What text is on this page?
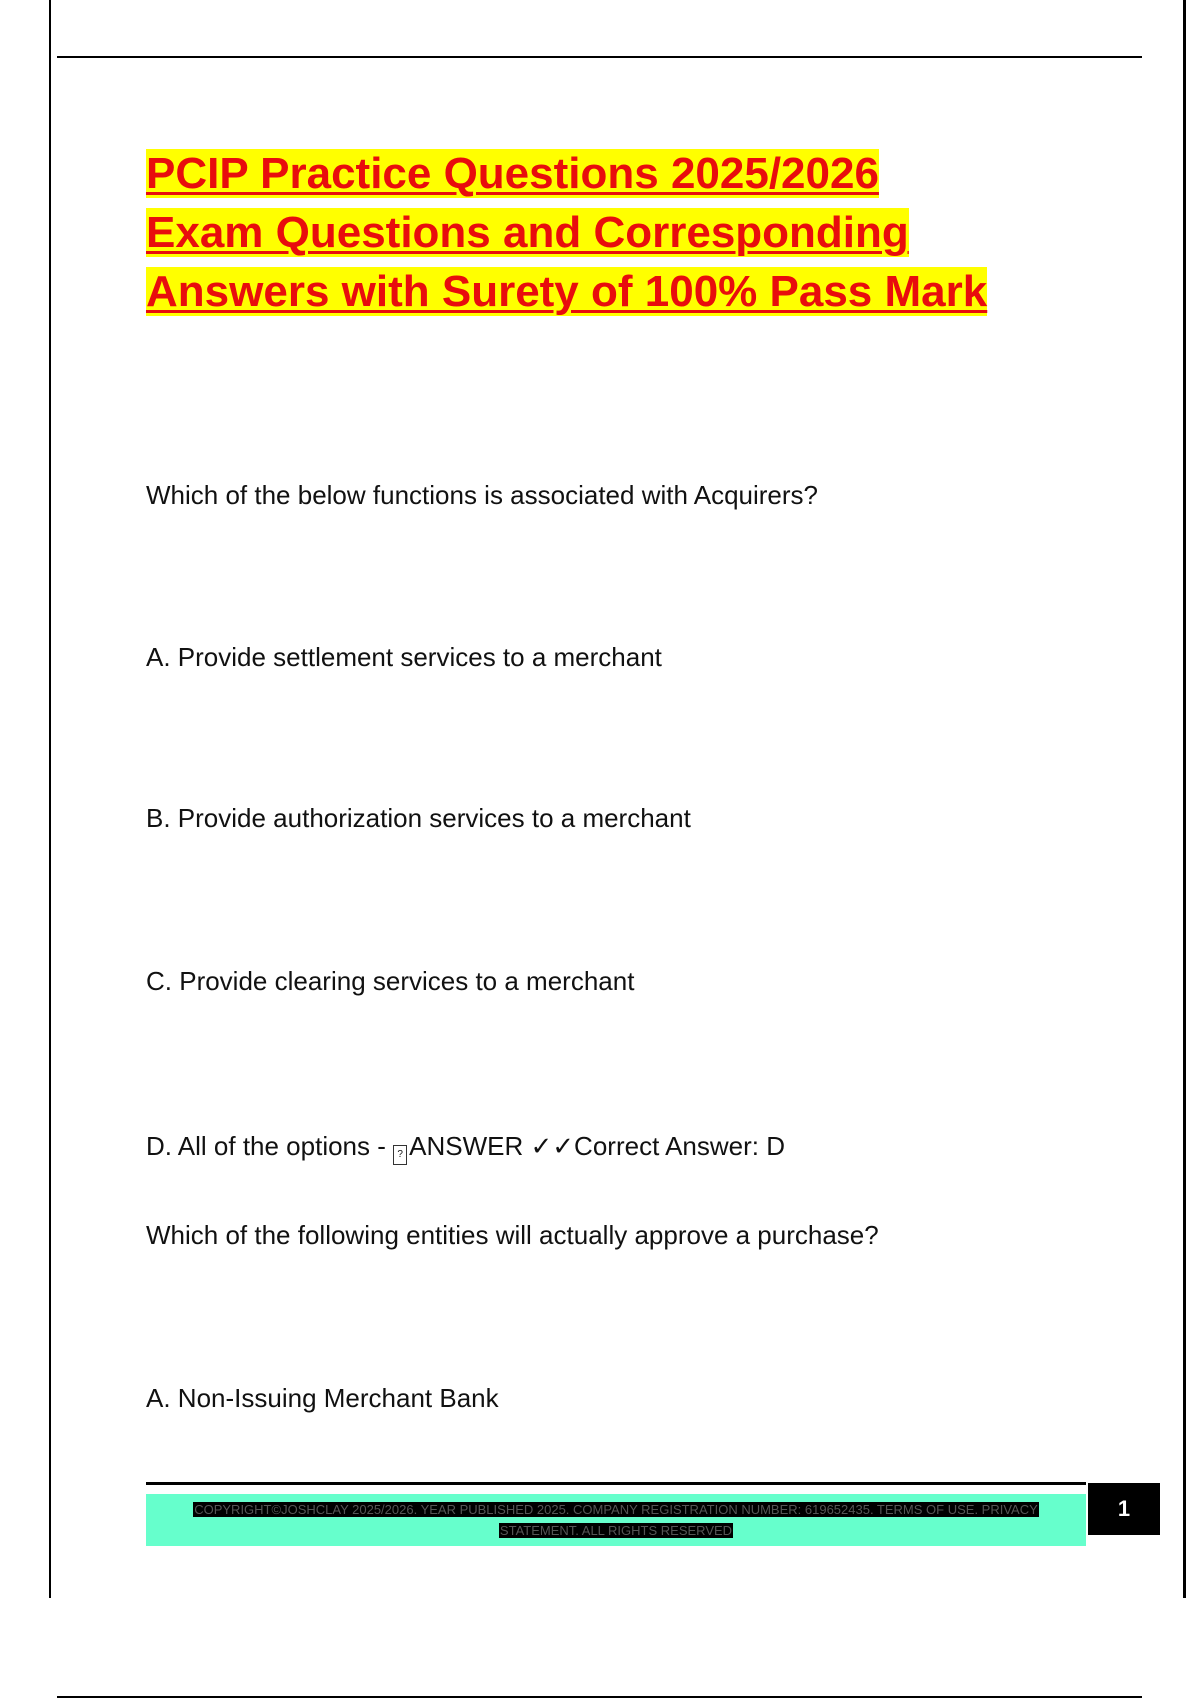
PCIP Practice Questions 2025/2026
Exam Questions and Corresponding
Answers with Surety of 100% Pass Mark

Which of the below functions is associated with Acquirers?

A. Provide settlement services to a merchant

B. Provide authorization services to a merchant

C. Provide clearing services to a merchant

D. All of the options - ? ANSWER ✓✓Correct Answer: D

Which of the following entities will actually approve a purchase?

A. Non-Issuing Merchant Bank

COPYRIGHT©JOSHCLAY 2025/2026. YEAR PUBLISHED 2025. COMPANY REGISTRATION NUMBER: 619652435. TERMS OF USE. PRIVACY
STATEMENT. ALL RIGHTS RESERVED
1
